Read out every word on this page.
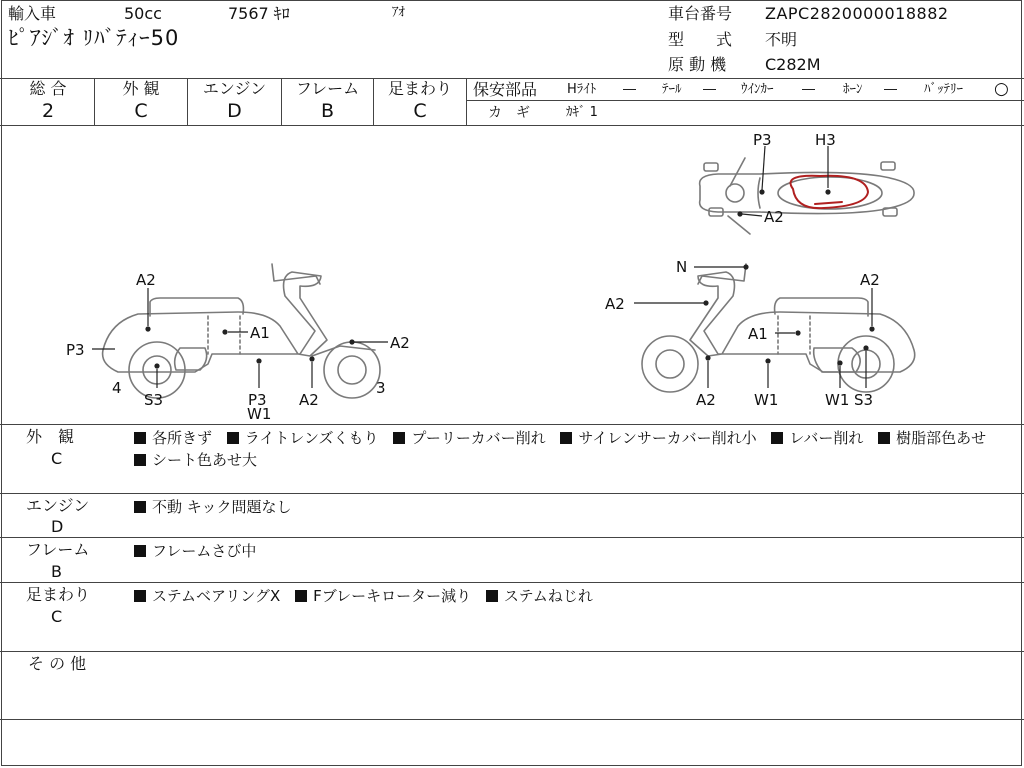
輸入車	50cc	7567 ｷﾛ	ｱｵ
ﾋﾟｱｼﾞｵ ﾘﾊﾞﾃｨｰ50
車台番号 ZAPC2820000018882
型　　式 不明
原 動 機 C282M
総 合
2
外 観
C
エンジン
D
フレーム
B
足まわり
C
保安部品 Hﾗｲﾄ ― ﾃｰﾙ ― ｳｲﾝｶｰ ― ﾎｰﾝ ― ﾊﾞｯﾃﾘｰ ○
カ　ギ	ｶｷﾞ 1
P3	H3
A2
A2
A1
A2
P3
4
S3	P3
W1
A2
3
N
A2
A2
A1
A2	W1	W1 S3
外　観
C
各所きず ライトレンズくもり プーリーカバー削れ サイレンサーカバー削れ小 レバー削れ 樹脂部色あせ シート色あせ大
エンジン
D
不動 キック問題なし
フレーム
B
フレームさび中
足まわり
C
ステムベアリングX Fブレーキローター減り ステムねじれ
そ の 他
